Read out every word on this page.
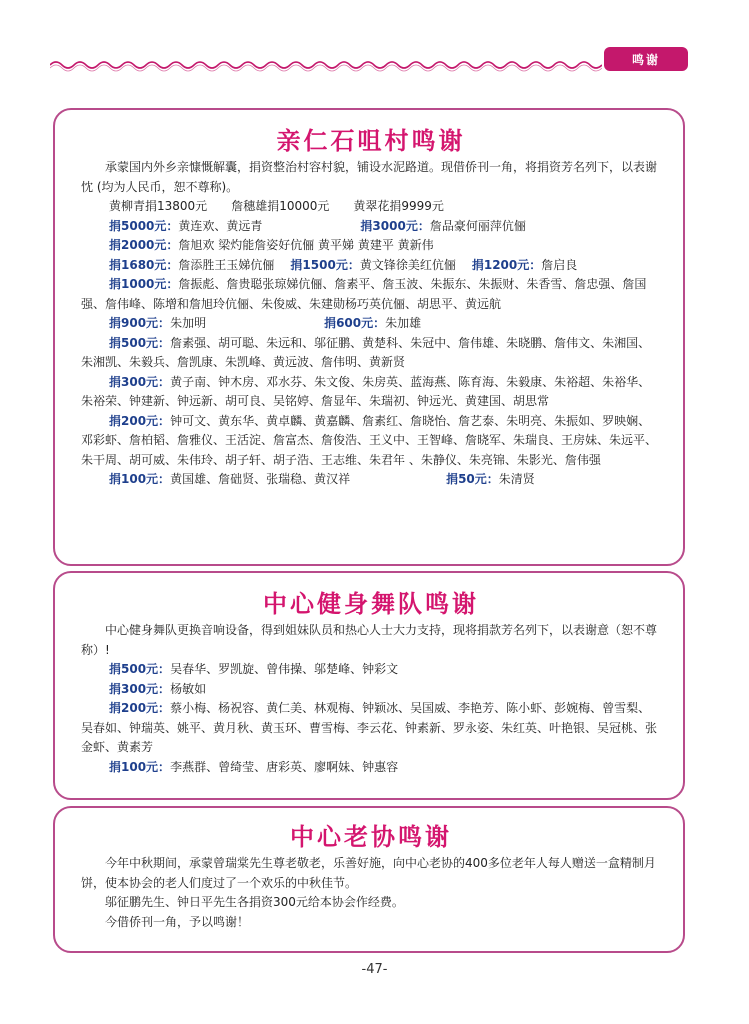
鸣谢
亲仁石咀村鸣谢

承蒙国内外乡亲慷慨解囊，捐资整治村容村貌，铺设水泥路道。现借侨刊一角，将捐资芳名列下，以表谢忱 (均为人民币，恕不尊称)。

黄柳青捐13800元 詹穗雄捐10000元 黄翠花捐9999元
捐5000元：黄连欢、黄远青	捐3000元：詹品豪何丽萍伉俪
捐2000元：詹旭欢 梁灼能詹姿好伉俪 黄平娣 黄建平 黄新伟
捐1680元：詹添胜王玉娣伉俪 捐1500元：黄文锋徐美红伉俪 捐1200元：詹启良

捐1000元：詹振彪、詹贵聪张琼娣伉俪、詹素平、詹玉波、朱振东、朱振财、朱香雪、詹忠强、詹国强、詹伟峰、陈增和詹旭玲伉俪、朱俊威、朱建勋杨巧英伉俪、胡思平、黄远航

捐900元：朱加明	捐600元：朱加雄

捐500元：詹素强、胡可聪、朱远和、邬征鹏、黄楚科、朱冠中、詹伟雄、朱晓鹏、詹伟文、朱湘国、朱湘凯、朱毅兵、詹凯康、朱凯峰、黄远波、詹伟明、黄新贤

捐300元：黄子南、钟木房、邓水芬、朱文俊、朱房英、蓝海燕、陈育海、朱毅康、朱裕超、朱裕华、朱裕荣、钟建新、钟远新、胡可良、吴铭婷、詹显年、朱瑞初、钟远光、黄建国、胡思常

捐200元：钟可文、黄东华、黄卓麟、黄嘉麟、詹素红、詹晓怡、詹艺泰、朱明亮、朱振如、罗映娴、邓彩虾、詹柏韬、詹雅仪、王活淀、詹富杰、詹俊浩、王义中、王智峰、詹晓军、朱瑞良、王房妹、朱远平、朱干周、胡可威、朱伟玲、胡子轩、胡子浩、王志维、朱君年 、朱静仪、朱亮锦、朱影光、詹伟强

捐100元：黄国雄、詹础贤、张瑞稳、黄汉祥	捐50元：朱清贤
中心健身舞队鸣谢

中心健身舞队更换音响设备，得到姐妹队员和热心人士大力支持，现将捐款芳名列下，以表谢意（恕不尊称）!

捐500元：吴春华、罗凯旋、曾伟操、邬楚峰、钟彩文

捐300元：杨敏如

捐200元：蔡小梅、杨祝容、黄仁美、林观梅、钟颖冰、吴国威、李艳芳、陈小虾、彭婉梅、曾雪梨、吴春如、钟瑞英、姚平、黄月秋、黄玉环、曹雪梅、李云花、钟素新、罗永姿、朱红英、叶艳银、吴冠桃、张金虾、黄素芳

捐100元：李燕群、曾绮莹、唐彩英、廖啊妹、钟惠容

中心老协鸣谢

今年中秋期间，承蒙曾瑞棠先生尊老敬老，乐善好施，向中心老协的400多位老年人每人赠送一盒精制月饼，使本协会的老人们度过了一个欢乐的中秋佳节。

邬征鹏先生、钟日平先生各捐资300元给本协会作经费。

今借侨刊一角，予以鸣谢！

-47-
